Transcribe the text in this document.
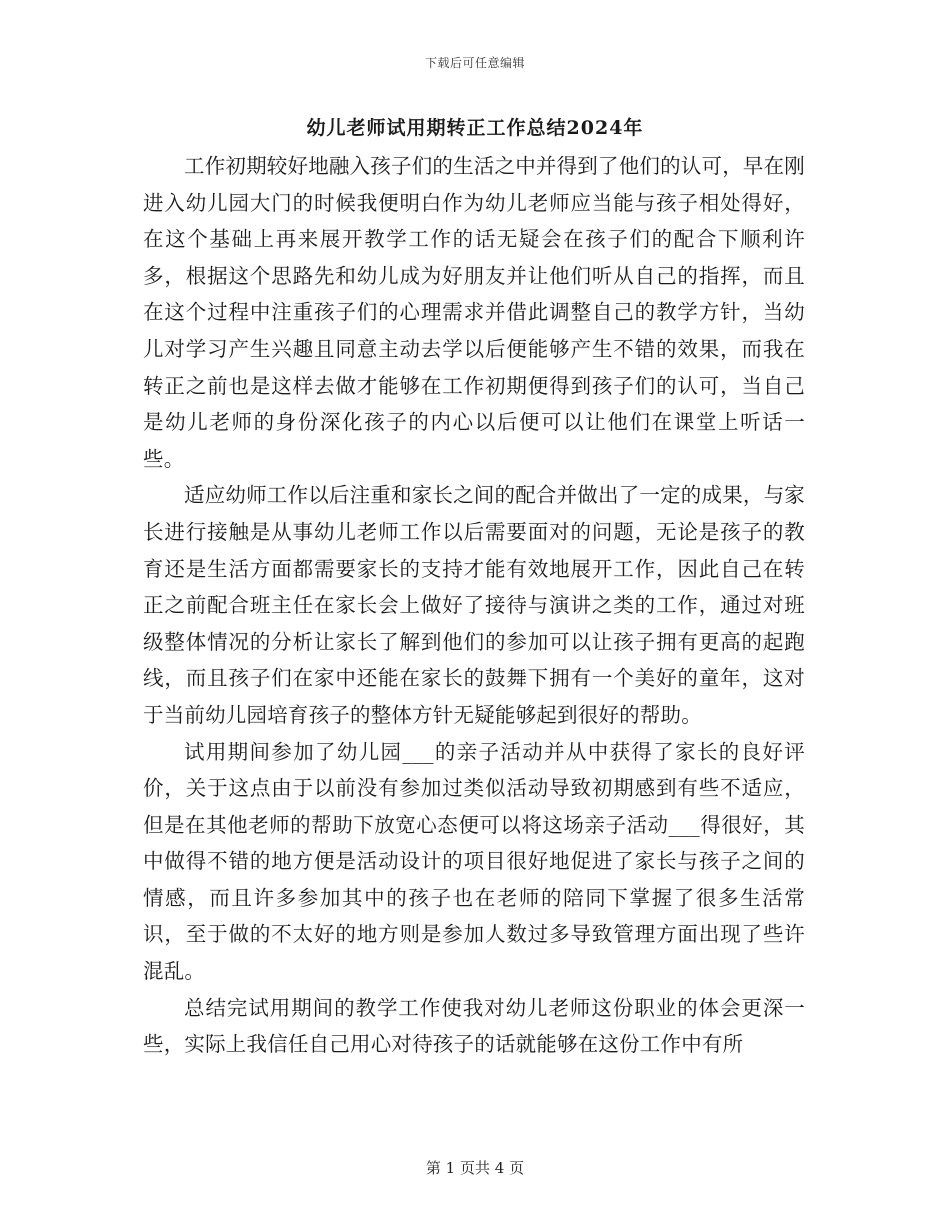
下载后可任意编辑
幼儿老师试用期转正工作总结2024年

工作初期较好地融入孩子们的生活之中并得到了他们的认可，早在刚进入幼儿园大门的时候我便明白作为幼儿老师应当能与孩子相处得好，在这个基础上再来展开教学工作的话无疑会在孩子们的配合下顺利许多，根据这个思路先和幼儿成为好朋友并让他们听从自己的指挥，而且在这个过程中注重孩子们的心理需求并借此调整自己的教学方针，当幼儿对学习产生兴趣且同意主动去学以后便能够产生不错的效果，而我在转正之前也是这样去做才能够在工作初期便得到孩子们的认可，当自己是幼儿老师的身份深化孩子的内心以后便可以让他们在课堂上听话一些。

适应幼师工作以后注重和家长之间的配合并做出了一定的成果，与家长进行接触是从事幼儿老师工作以后需要面对的问题，无论是孩子的教育还是生活方面都需要家长的支持才能有效地展开工作，因此自己在转正之前配合班主任在家长会上做好了接待与演讲之类的工作，通过对班级整体情况的分析让家长了解到他们的参加可以让孩子拥有更高的起跑线，而且孩子们在家中还能在家长的鼓舞下拥有一个美好的童年，这对于当前幼儿园培育孩子的整体方针无疑能够起到很好的帮助。

试用期间参加了幼儿园___的亲子活动并从中获得了家长的良好评价，关于这点由于以前没有参加过类似活动导致初期感到有些不适应，但是在其他老师的帮助下放宽心态便可以将这场亲子活动___得很好，其中做得不错的地方便是活动设计的项目很好地促进了家长与孩子之间的情感，而且许多参加其中的孩子也在老师的陪同下掌握了很多生活常识，至于做的不太好的地方则是参加人数过多导致管理方面出现了些许混乱。

总结完试用期间的教学工作使我对幼儿老师这份职业的体会更深一些，实际上我信任自己用心对待孩子的话就能够在这份工作中有所

第 1 页共 4 页
